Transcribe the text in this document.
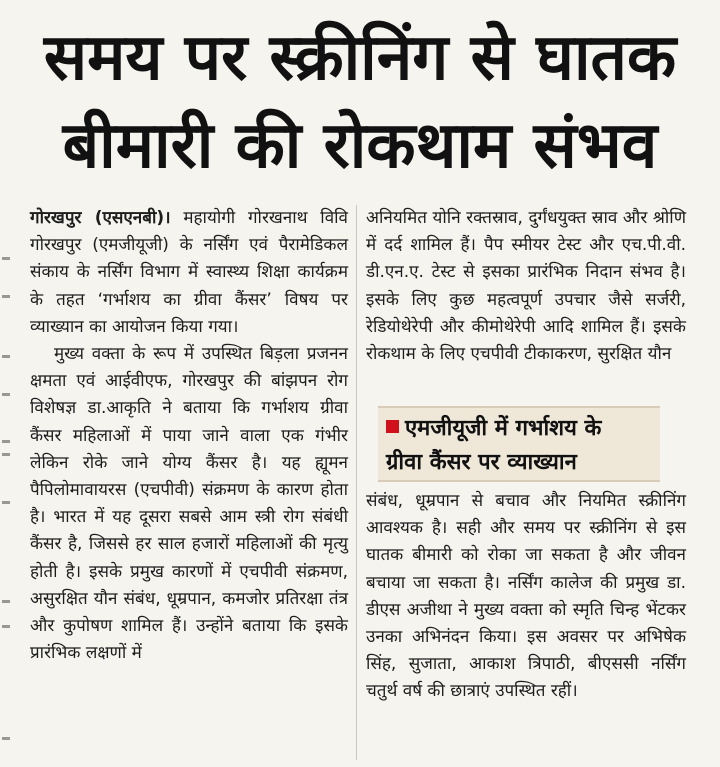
समय पर स्क्रीनिंग से घातक
बीमारी की रोकथाम संभव

गोरखपुर (एसएनबी)। महायोगी गोरखनाथ विवि गोरखपुर (एमजीयूजी) के नर्सिंग एवं पैरामेडिकल संकाय के नर्सिंग विभाग में स्वास्थ्य शिक्षा कार्यक्रम के तहत ‘गर्भाशय का ग्रीवा कैंसर’ विषय पर व्याख्यान का आयोजन किया गया।

मुख्य वक्ता के रूप में उपस्थित बिड़ला प्रजनन क्षमता एवं आईवीएफ, गोरखपुर की बांझपन रोग विशेषज्ञ डा.आकृति ने बताया कि गर्भाशय ग्रीवा कैंसर महिलाओं में पाया जाने वाला एक गंभीर लेकिन रोके जाने योग्य कैंसर है। यह ह्यूमन पैपिलोमावायरस (एचपीवी) संक्रमण के कारण होता है। भारत में यह दूसरा सबसे आम स्त्री रोग संबंधी कैंसर है, जिससे हर साल हजारों महिलाओं की मृत्यु होती है। इसके प्रमुख कारणों में एचपीवी संक्रमण, असुरक्षित यौन संबंध, धूम्रपान, कमजोर प्रतिरक्षा तंत्र और कुपोषण शामिल हैं। उन्होंने बताया कि इसके प्रारंभिक लक्षणों में

अनियमित योनि रक्तस्राव, दुर्गंधयुक्त स्राव और श्रोणि में दर्द शामिल हैं। पैप स्मीयर टेस्ट और एच.पी.वी. डी.एन.ए. टेस्ट से इसका प्रारंभिक निदान संभव है। इसके लिए कुछ महत्वपूर्ण उपचार जैसे सर्जरी, रेडियोथेरेपी और कीमोथेरेपी आदि शामिल हैं। इसके रोकथाम के लिए एचपीवी टीकाकरण, सुरक्षित यौन

एमजीयूजी में गर्भाशय के
ग्रीवा कैंसर पर व्याख्यान

संबंध, धूम्रपान से बचाव और नियमित स्क्रीनिंग आवश्यक है। सही और समय पर स्क्रीनिंग से इस घातक बीमारी को रोका जा सकता है और जीवन बचाया जा सकता है। नर्सिंग कालेज की प्रमुख डा. डीएस अजीथा ने मुख्य वक्ता को स्मृति चिन्ह भेंटकर उनका अभिनंदन किया। इस अवसर पर अभिषेक सिंह, सुजाता, आकाश त्रिपाठी, बीएससी नर्सिंग चतुर्थ वर्ष की छात्राएं उपस्थित रहीं।
